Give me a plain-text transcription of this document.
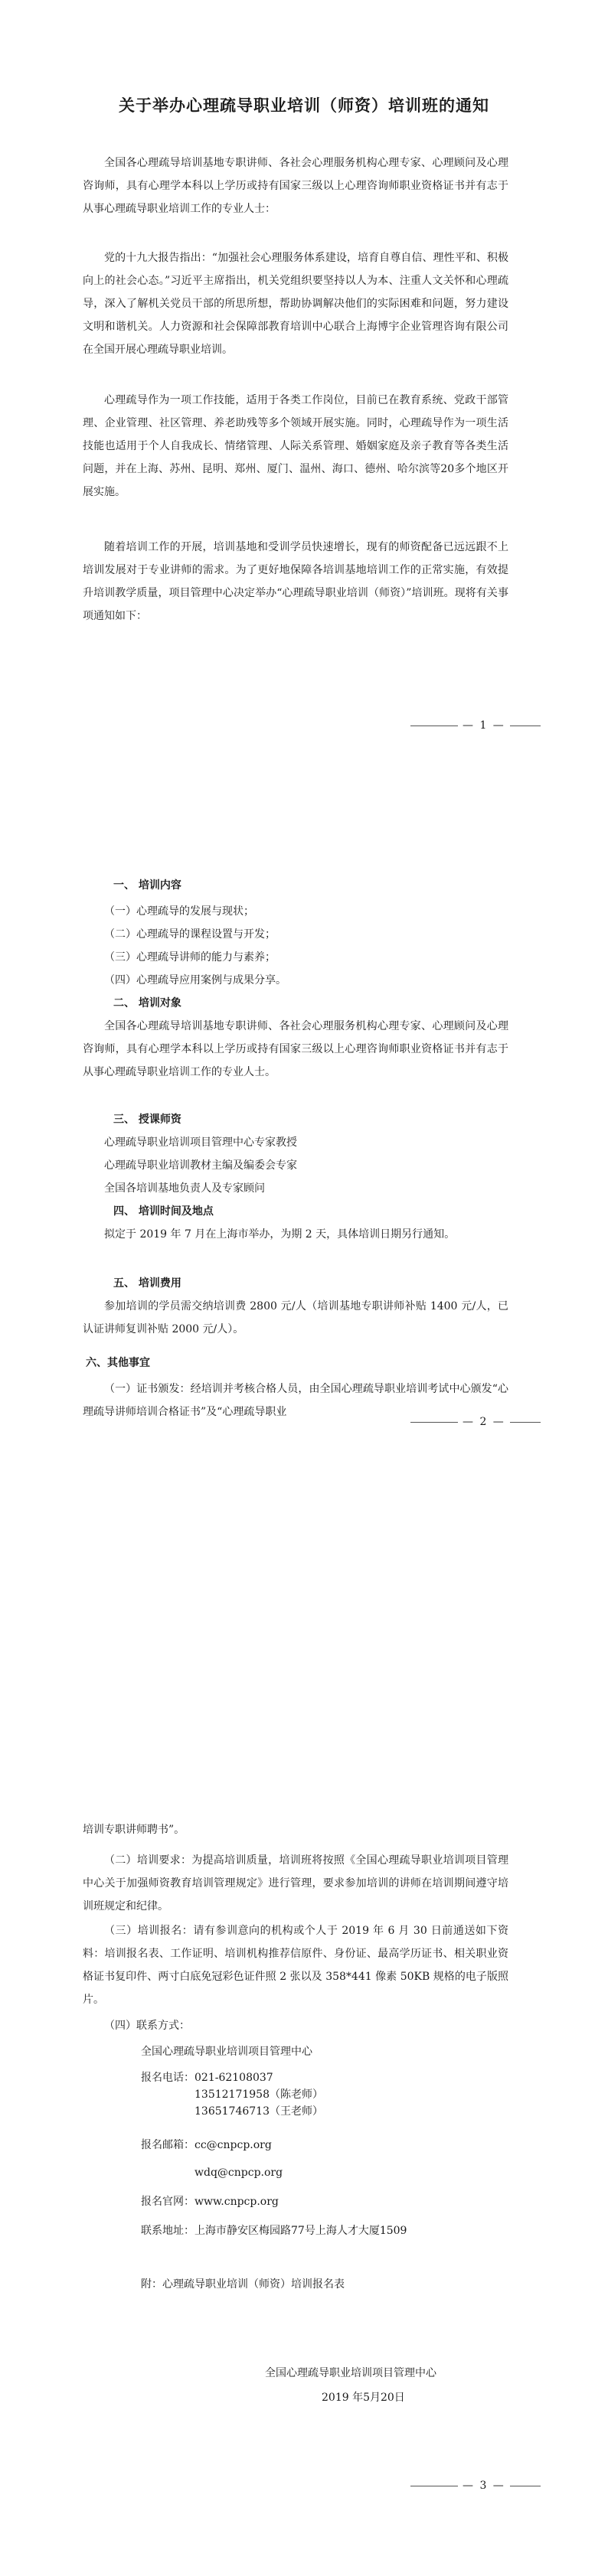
关于举办心理疏导职业培训（师资）培训班的通知

全国各心理疏导培训基地专职讲师、各社会心理服务机构心理专家、心理顾问及心理咨询师，具有心理学本科以上学历或持有国家三级以上心理咨询师职业资格证书并有志于从事心理疏导职业培训工作的专业人士：

党的十九大报告指出：“加强社会心理服务体系建设，培育自尊自信、理性平和、积极向上的社会心态。”习近平主席指出，机关党组织要坚持以人为本、注重人文关怀和心理疏导，深入了解机关党员干部的所思所想，帮助协调解决他们的实际困难和问题，努力建设文明和谐机关。人力资源和社会保障部教育培训中心联合上海博宇企业管理咨询有限公司在全国开展心理疏导职业培训。

心理疏导作为一项工作技能，适用于各类工作岗位，目前已在教育系统、党政干部管理、企业管理、社区管理、养老助残等多个领域开展实施。同时，心理疏导作为一项生活技能也适用于个人自我成长、情绪管理、人际关系管理、婚姻家庭及亲子教育等各类生活问题，并在上海、苏州、昆明、郑州、厦门、温州、海口、德州、哈尔滨等20多个地区开展实施。

随着培训工作的开展，培训基地和受训学员快速增长，现有的师资配备已远远跟不上培训发展对于专业讲师的需求。为了更好地保障各培训基地培训工作的正常实施，有效提升培训教学质量，项目管理中心决定举办“心理疏导职业培训（师资）”培训班。现将有关事项通知如下：

— 1 —
一、 培训内容
（一）心理疏导的发展与现状；
（二）心理疏导的课程设置与开发；
（三）心理疏导讲师的能力与素养；
（四）心理疏导应用案例与成果分享。
二、 培训对象

全国各心理疏导培训基地专职讲师、各社会心理服务机构心理专家、心理顾问及心理咨询师，具有心理学本科以上学历或持有国家三级以上心理咨询师职业资格证书并有志于从事心理疏导职业培训工作的专业人士。

三、 授课师资
心理疏导职业培训项目管理中心专家教授
心理疏导职业培训教材主编及编委会专家
全国各培训基地负责人及专家顾问
四、 培训时间及地点

拟定于 2019 年 7 月在上海市举办，为期 2 天，具体培训日期另行通知。

五、 培训费用

参加培训的学员需交纳培训费 2800 元/人（培训基地专职讲师补贴 1400 元/人，已认证讲师复训补贴 2000 元/人）。

六、其他事宜

（一）证书颁发：经培训并考核合格人员，由全国心理疏导职业培训考试中心颁发“心理疏导讲师培训合格证书”及“心理疏导职业

— 2 —

培训专职讲师聘书”。

（二）培训要求：为提高培训质量，培训班将按照《全国心理疏导职业培训项目管理中心关于加强师资教育培训管理规定》进行管理，要求参加培训的讲师在培训期间遵守培训班规定和纪律。

（三）培训报名：请有参训意向的机构或个人于 2019 年 6 月 30 日前通送如下资料：培训报名表、工作证明、培训机构推荐信原件、身份证、最高学历证书、相关职业资格证书复印件、两寸白底免冠彩色证件照 2 张以及 358*441 像素 50KB 规格的电子版照片。

（四）联系方式：
全国心理疏导职业培训项目管理中心
报名电话： 021-62108037
13512171958（陈老师）
13651746713（王老师）
报名邮箱： cc@cnpcp.org
wdq@cnpcp.org
报名官网： www.cnpcp.org
联系地址： 上海市静安区梅园路77号上海人才大厦1509
附：心理疏导职业培训（师资）培训报名表
全国心理疏导职业培训项目管理中心
2019 年5月20日
— 3 —
